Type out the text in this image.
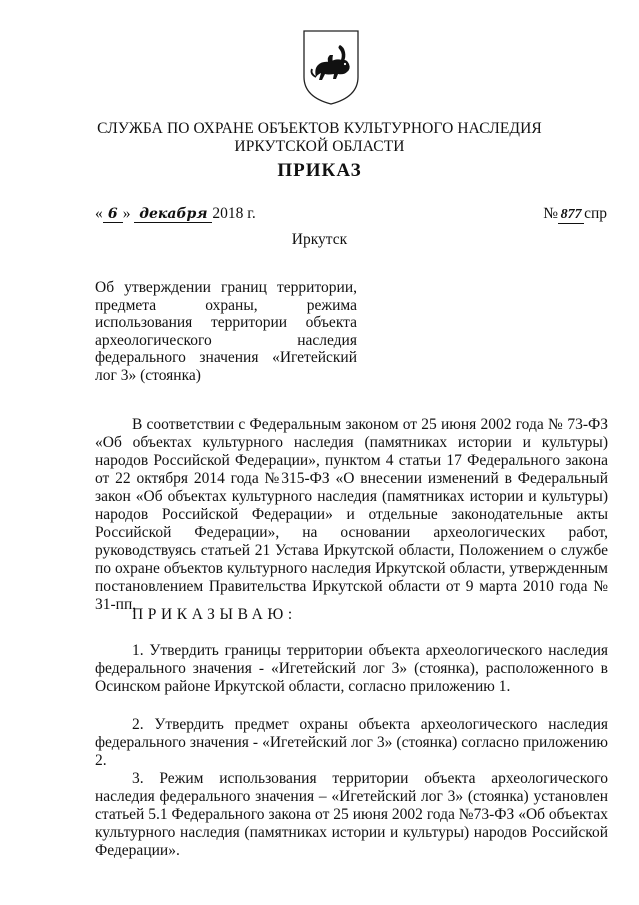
СЛУЖБА ПО ОХРАНЕ ОБЪЕКТОВ КУЛЬТУРНОГО НАСЛЕДИЯ
ИРКУТСКОЙ ОБЛАСТИ
ПРИКАЗ
« 6 » декабря 2018 г.	№ 877 спр
Иркутск
Об утверждении границ территории, предмета охраны, режима использования территории объекта археологического наследия федерального значения «Игетейский лог 3» (стоянка)
В соответствии с Федеральным законом от 25 июня 2002 года № 73-ФЗ «Об объектах культурного наследия (памятниках истории и культуры) народов Российской Федерации», пунктом 4 статьи 17 Федерального закона от 22 октября 2014 года №315-ФЗ «О внесении изменений в Федеральный закон «Об объектах культурного наследия (памятниках истории и культуры) народов Российской Федерации» и отдельные законодательные акты Российской Федерации», на основании археологических работ, руководствуясь статьей 21 Устава Иркутской области, Положением о службе по охране объектов культурного наследия Иркутской области, утвержденным постановлением Правительства Иркутской области от 9 марта 2010 года № 31-пп,
ПРИКАЗЫВАЮ:
1. Утвердить границы территории объекта археологического наследия федерального значения - «Игетейский лог 3» (стоянка), расположенного в Осинском районе Иркутской области, согласно приложению 1.
2. Утвердить предмет охраны объекта археологического наследия федерального значения - «Игетейский лог 3» (стоянка) согласно приложению 2.
3. Режим использования территории объекта археологического наследия федерального значения – «Игетейский лог 3» (стоянка) установлен статьей 5.1 Федерального закона от 25 июня 2002 года №73-ФЗ «Об объектах культурного наследия (памятниках истории и культуры) народов Российской Федерации».
